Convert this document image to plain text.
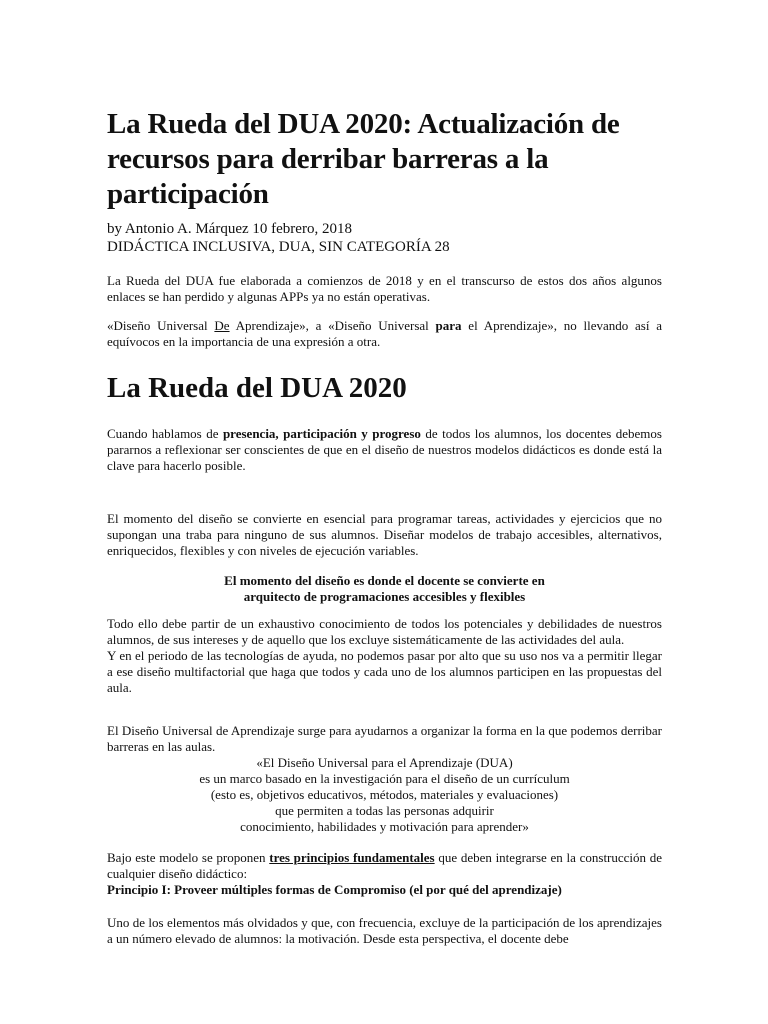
La Rueda del DUA 2020: Actualización de recursos para derribar barreras a la participación
by Antonio A. Márquez 10 febrero, 2018
DIDÁCTICA INCLUSIVA, DUA, SIN CATEGORÍA 28

La Rueda del DUA fue elaborada a comienzos de 2018 y en el transcurso de estos dos años algunos enlaces se han perdido y algunas APPs ya no están operativas.

«Diseño Universal De Aprendizaje», a «Diseño Universal para el Aprendizaje», no llevando así a equívocos en la importancia de una expresión a otra.

La Rueda del DUA 2020

Cuando hablamos de presencia, participación y progreso de todos los alumnos, los docentes debemos pararnos a reflexionar ser conscientes de que en el diseño de nuestros modelos didácticos es donde está la clave para hacerlo posible.

El momento del diseño se convierte en esencial para programar tareas, actividades y ejercicios que no supongan una traba para ninguno de sus alumnos. Diseñar modelos de trabajo accesibles, alternativos, enriquecidos, flexibles y con niveles de ejecución variables.

El momento del diseño es donde el docente se convierte en
arquitecto de programaciones accesibles y flexibles

Todo ello debe partir de un exhaustivo conocimiento de todos los potenciales y debilidades de nuestros alumnos, de sus intereses y de aquello que los excluye sistemáticamente de las actividades del aula.

Y en el periodo de las tecnologías de ayuda, no podemos pasar por alto que su uso nos va a permitir llegar a ese diseño multifactorial que haga que todos y cada uno de los alumnos participen en las propuestas del aula.

El Diseño Universal de Aprendizaje surge para ayudarnos a organizar la forma en la que podemos derribar barreras en las aulas.

«El Diseño Universal para el Aprendizaje (DUA)
es un marco basado en la investigación para el diseño de un currículum
(esto es, objetivos educativos, métodos, materiales y evaluaciones)
que permiten a todas las personas adquirir
conocimiento, habilidades y motivación para aprender»

Bajo este modelo se proponen tres principios fundamentales que deben integrarse en la construcción de cualquier diseño didáctico:

Principio I: Proveer múltiples formas de Compromiso (el por qué del aprendizaje)

Uno de los elementos más olvidados y que, con frecuencia, excluye de la participación de los aprendizajes a un número elevado de alumnos: la motivación. Desde esta perspectiva, el docente debe
